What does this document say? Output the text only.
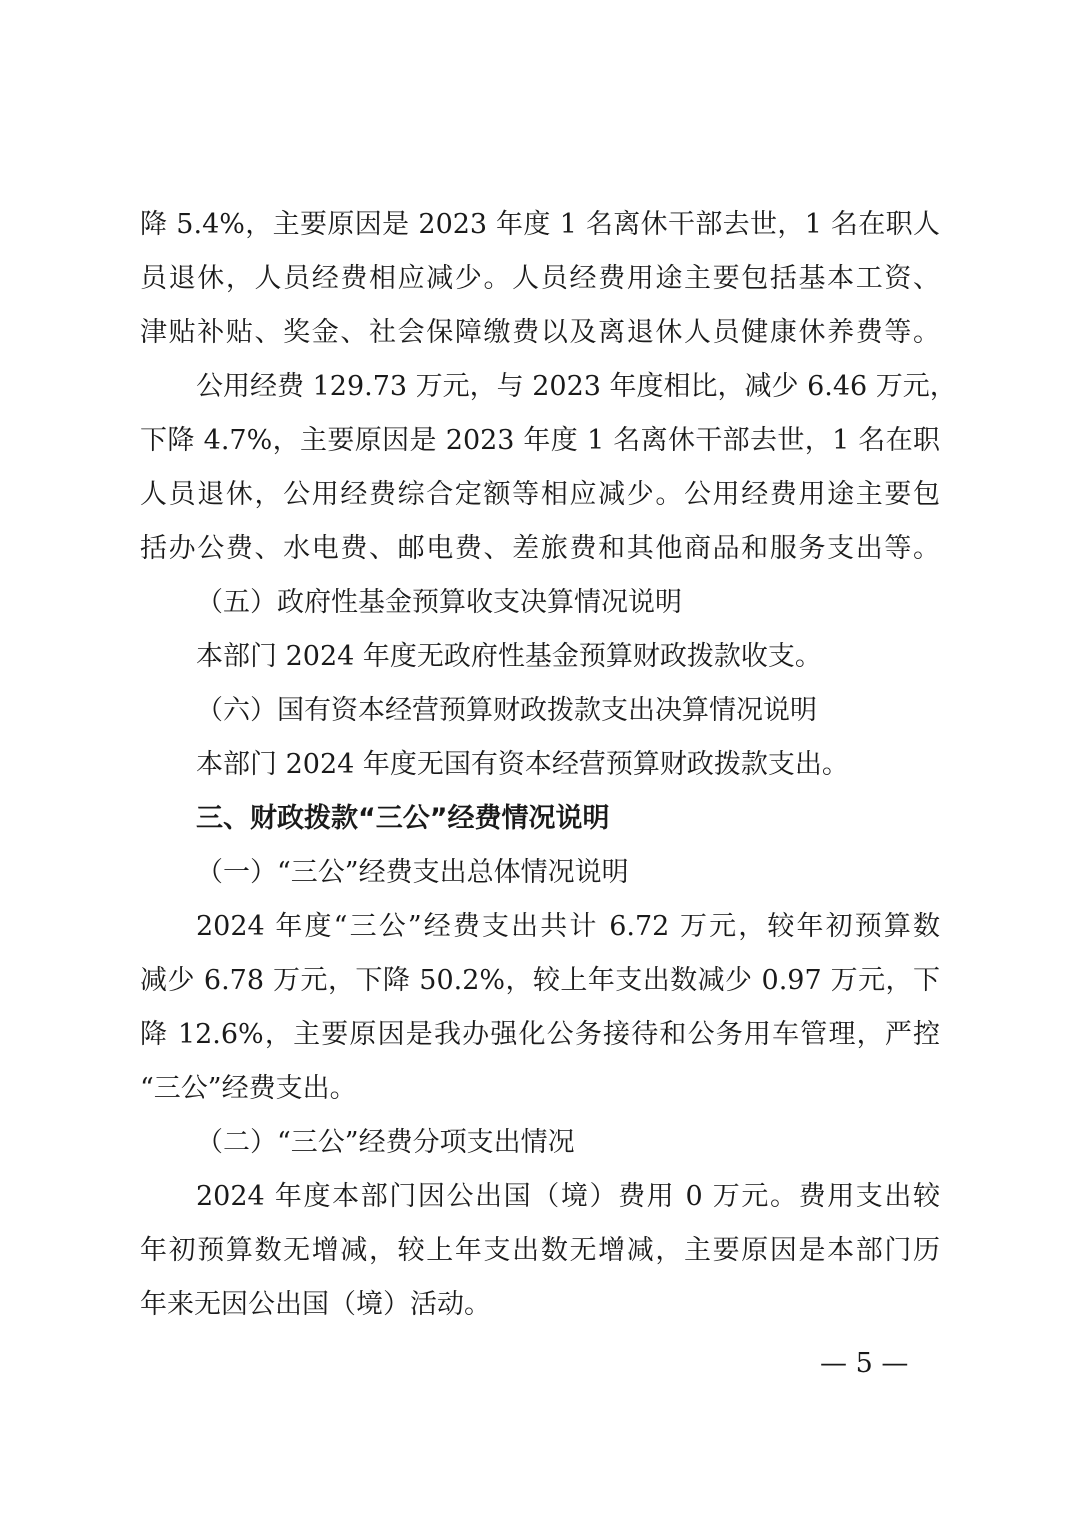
降 5.4%，主要原因是 2023 年度 1 名离休干部去世，1 名在职人
员退休，人员经费相应减少。人员经费用途主要包括基本工资、
津贴补贴、奖金、社会保障缴费以及离退休人员健康休养费等。
公用经费 129.73 万元，与 2023 年度相比，减少 6.46 万元，
下降 4.7%，主要原因是 2023 年度 1 名离休干部去世，1 名在职
人员退休，公用经费综合定额等相应减少。公用经费用途主要包
括办公费、水电费、邮电费、差旅费和其他商品和服务支出等。
（五）政府性基金预算收支决算情况说明
本部门 2024 年度无政府性基金预算财政拨款收支。
（六）国有资本经营预算财政拨款支出决算情况说明
本部门 2024 年度无国有资本经营预算财政拨款支出。
三、财政拨款“三公”经费情况说明
（一）“三公”经费支出总体情况说明
2024 年度“三公”经费支出共计 6.72 万元，较年初预算数
减少 6.78 万元，下降 50.2%，较上年支出数减少 0.97 万元，下
降 12.6%，主要原因是我办强化公务接待和公务用车管理，严控
“三公”经费支出。
（二）“三公”经费分项支出情况
2024 年度本部门因公出国（境）费用 0 万元。费用支出较
年初预算数无增减，较上年支出数无增减，主要原因是本部门历
年来无因公出国（境）活动。
— 5 —
